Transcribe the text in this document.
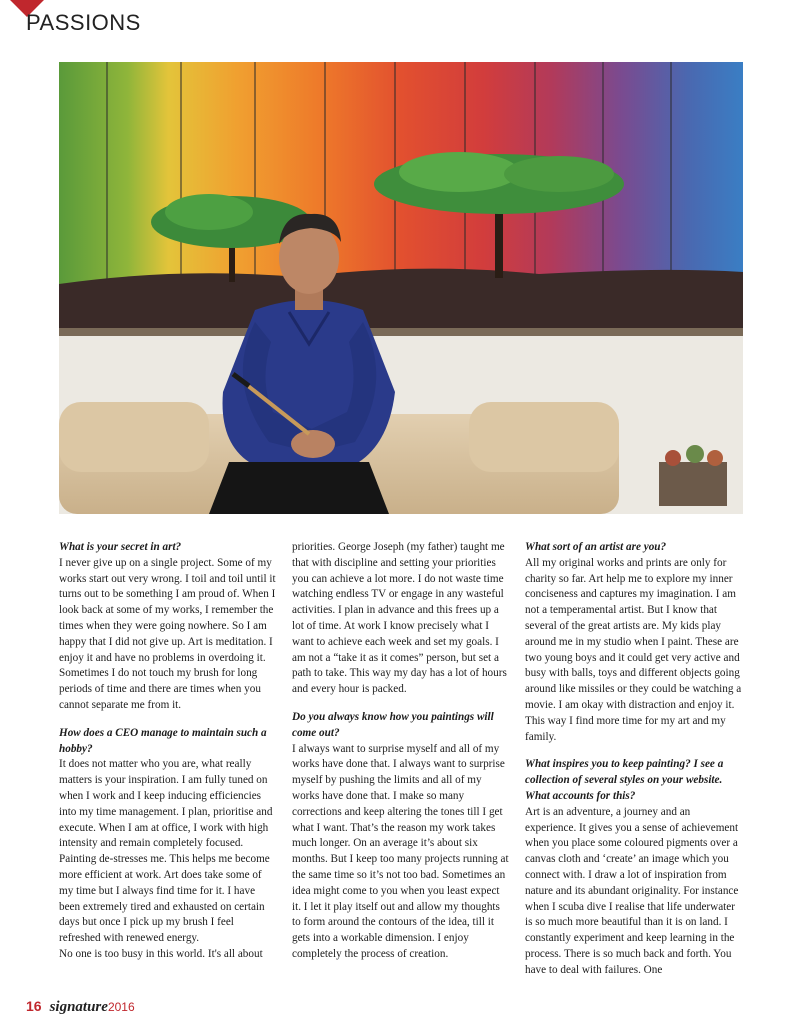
PASSIONS

What is your secret in art?

I never give up on a single project. Some of my works start out very wrong. I toil and toil until it turns out to be something I am proud of. When I look back at some of my works, I remember the times when they were going nowhere. So I am happy that I did not give up. Art is meditation. I enjoy it and have no problems in overdoing it. Sometimes I do not touch my brush for long periods of time and there are times when you cannot separate me from it.

How does a CEO manage to maintain such a hobby?

It does not matter who you are, what really matters is your inspiration. I am fully tuned on when I work and I keep inducing efficiencies into my time management. I plan, prioritise and execute. When I am at office, I work with high intensity and remain completely focused. Painting de-stresses me. This helps me become more efficient at work. Art does take some of my time but I always find time for it. I have been extremely tired and exhausted on certain days but once I pick up my brush I feel refreshed with renewed energy.

No one is too busy in this world. It's all about

priorities. George Joseph (my father) taught me that with discipline and setting your priorities you can achieve a lot more. I do not waste time watching endless TV or engage in any wasteful activities. I plan in advance and this frees up a lot of time. At work I know precisely what I want to achieve each week and set my goals. I am not a “take it as it comes” person, but set a path to take. This way my day has a lot of hours and every hour is packed.

Do you always know how you paintings will come out?

I always want to surprise myself and all of my works have done that. I always want to surprise myself by pushing the limits and all of my works have done that. I make so many corrections and keep altering the tones till I get what I want. That’s the reason my work takes much longer. On an average it’s about six months. But I keep too many projects running at the same time so it’s not too bad. Sometimes an idea might come to you when you least expect it. I let it play itself out and allow my thoughts to form around the contours of the idea, till it gets into a workable dimension. I enjoy completely the process of creation.

What sort of an artist are you?

All my original works and prints are only for charity so far. Art help me to explore my inner conciseness and captures my imagination. I am not a temperamental artist. But I know that several of the great artists are. My kids play around me in my studio when I paint. These are two young boys and it could get very active and busy with balls, toys and different objects going around like missiles or they could be watching a movie. I am okay with distraction and enjoy it. This way I find more time for my art and my family.

What inspires you to keep painting? I see a collection of several styles on your website. What accounts for this?

Art is an adventure, a journey and an experience. It gives you a sense of achievement when you place some coloured pigments over a canvas cloth and ‘create’ an image which you connect with. I draw a lot of inspiration from nature and its abundant originality. For instance when I scuba dive I realise that life underwater is so much more beautiful than it is on land. I constantly experiment and keep learning in the process. There is so much back and forth. You have to deal with failures. One

16 signature2016
